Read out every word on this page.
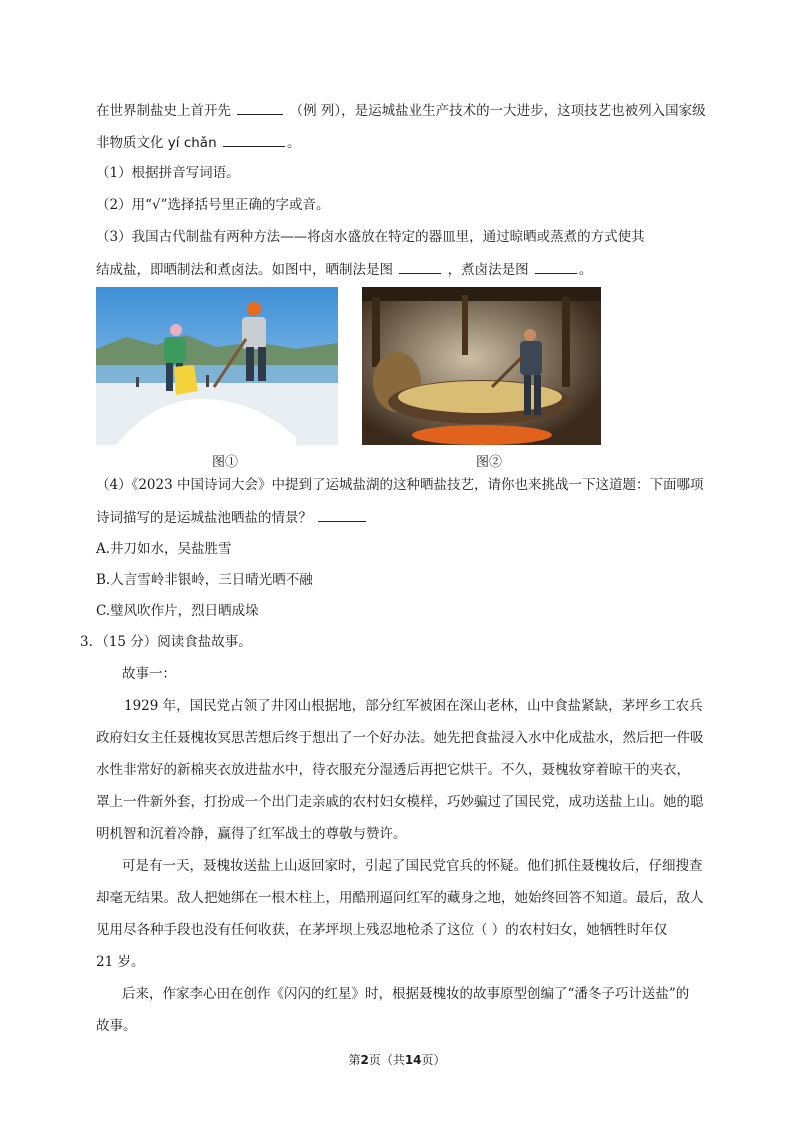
在世界制盐史上首开先	（例 列），是运城盐业生产技术的一大进步，这项技艺也被列入国家级
非物质文化 yí chǎn	。
（1）根据拼音写词语。
（2）用“√”选择括号里正确的字或音。
（3）我国古代制盐有两种方法——将卤水盛放在特定的器皿里，通过晾晒或蒸煮的方式使其
结成盐，即晒制法和煮卤法。如图中，晒制法是图	，煮卤法是图	。
图①	图②
（4）《2023 中国诗词大会》中提到了运城盐湖的这种晒盐技艺，请你也来挑战一下这道题：下面哪项
诗词描写的是运城盐池晒盐的情景？
A.井刀如水，吴盐胜雪
B.人言雪岭非银岭，三日晴光晒不融
C.璧风吹作片，烈日晒成垛
3．（15 分）阅读食盐故事。
故事一：
1929 年，国民党占领了井冈山根据地，部分红军被困在深山老林，山中食盐紧缺，茅坪乡工农兵
政府妇女主任聂槐妆冥思苦想后终于想出了一个好办法。她先把食盐浸入水中化成盐水，然后把一件吸
水性非常好的新棉夹衣放进盐水中，待衣服充分湿透后再把它烘干。不久，聂槐妆穿着晾干的夹衣，
罩上一件新外套，打扮成一个出门走亲戚的农村妇女模样，巧妙骗过了国民党，成功送盐上山。她的聪
明机智和沉着冷静，赢得了红军战士的尊敬与赞许。
可是有一天，聂槐妆送盐上山返回家时，引起了国民党官兵的怀疑。他们抓住聂槐妆后，仔细搜查
却毫无结果。敌人把她绑在一根木柱上，用酷刑逼问红军的藏身之地，她始终回答不知道。最后，敌人
见用尽各种手段也没有任何收获，在茅坪坝上残忍地枪杀了这位（ ）的农村妇女，她牺牲时年仅
21 岁。
后来，作家李心田在创作《闪闪的红星》时，根据聂槐妆的故事原型创编了“潘冬子巧计送盐”的
故事。
第2页（共14页）
